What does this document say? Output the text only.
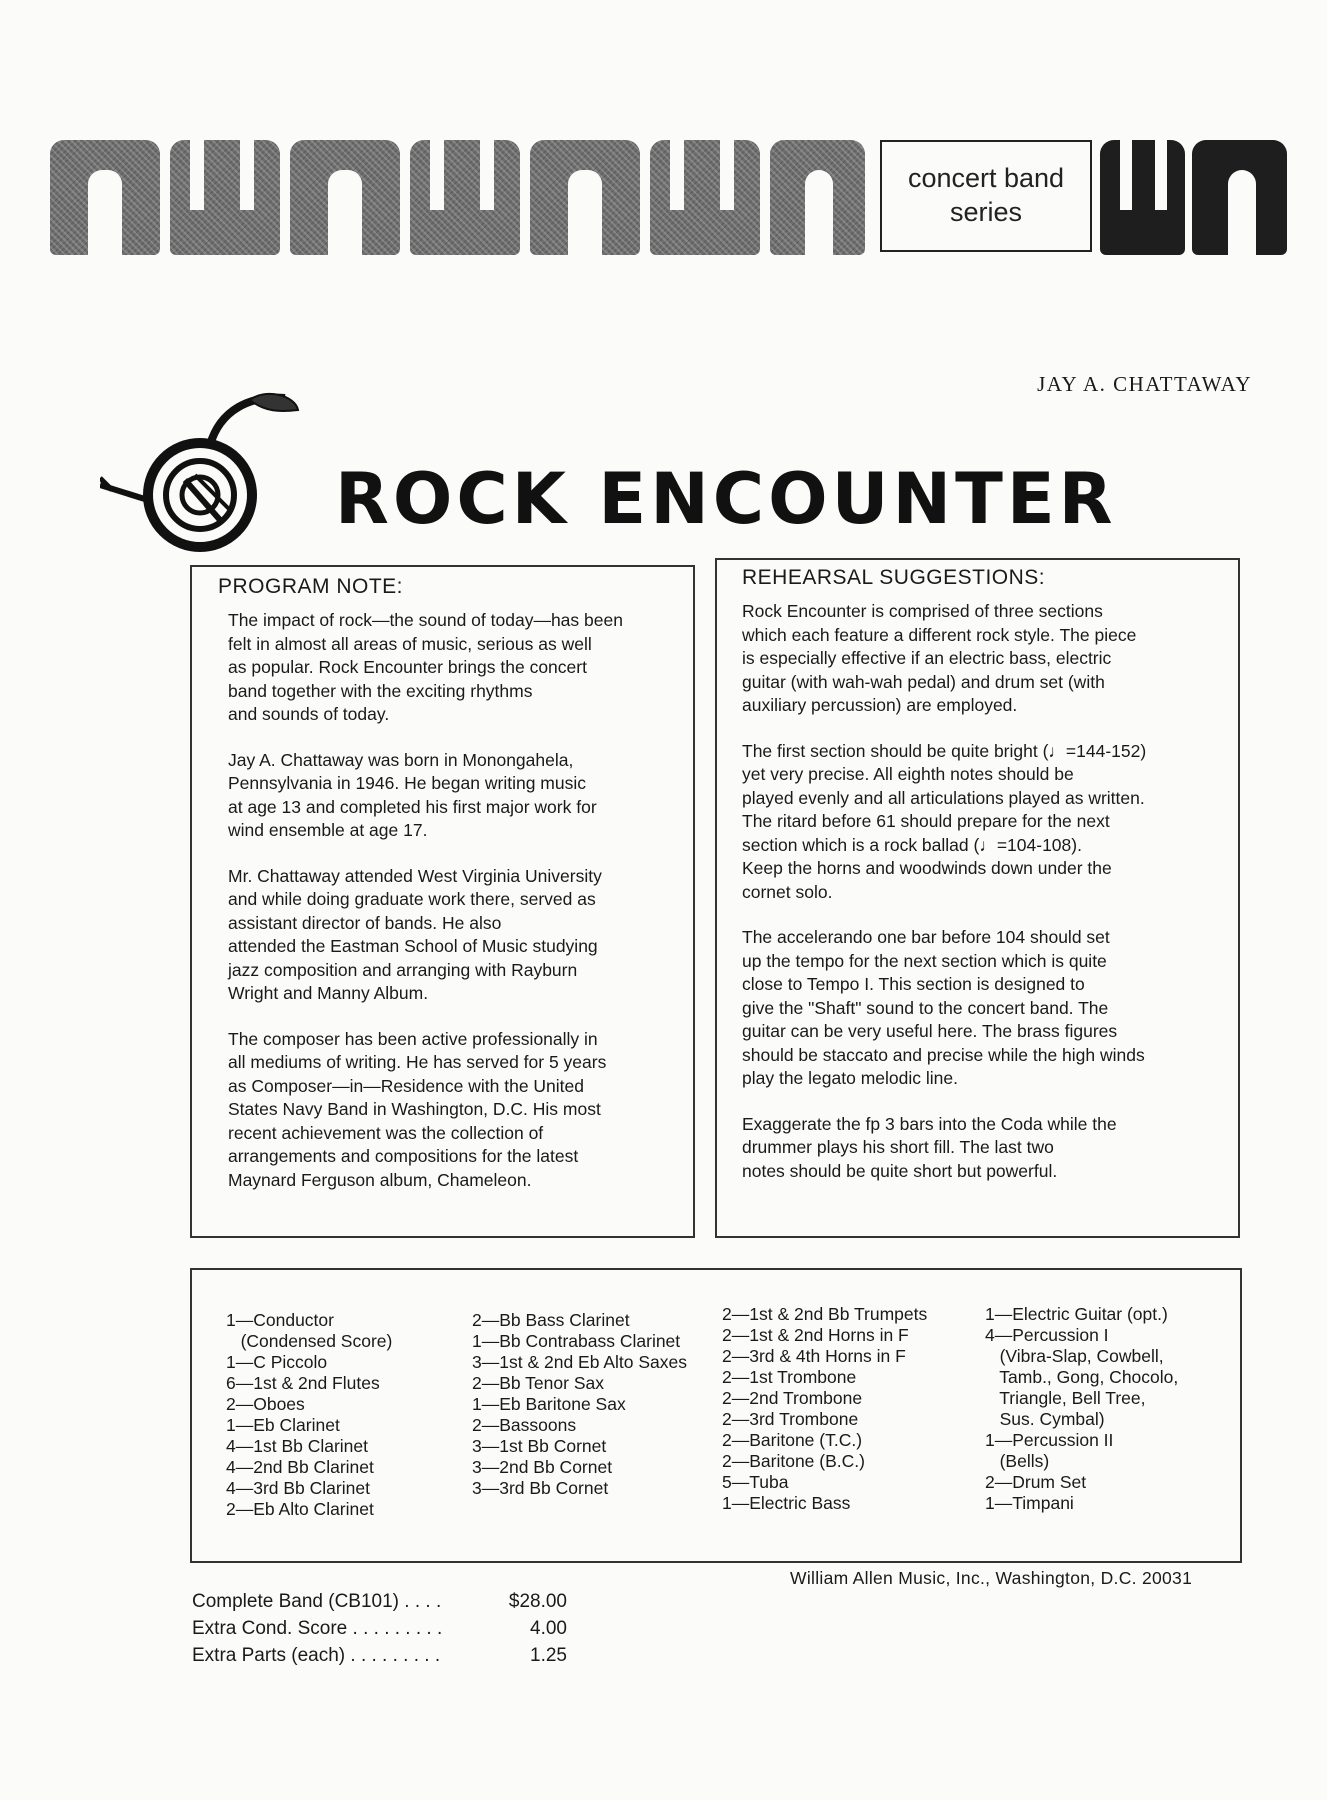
concert band
series
JAY A. CHATTAWAY
ROCK ENCOUNTER
PROGRAM NOTE:

The impact of rock—the sound of today—has been
felt in almost all areas of music, serious as well
as popular. Rock Encounter brings the concert
band together with the exciting rhythms
and sounds of today.

Jay A. Chattaway was born in Monongahela,
Pennsylvania in 1946. He began writing music
at age 13 and completed his first major work for
wind ensemble at age 17.

Mr. Chattaway attended West Virginia University
and while doing graduate work there, served as
assistant director of bands. He also
attended the Eastman School of Music studying
jazz composition and arranging with Rayburn
Wright and Manny Album.

The composer has been active professionally in
all mediums of writing. He has served for 5 years
as Composer—in—Residence with the United
States Navy Band in Washington, D.C. His most
recent achievement was the collection of
arrangements and compositions for the latest
Maynard Ferguson album, Chameleon.

REHEARSAL SUGGESTIONS:

Rock Encounter is comprised of three sections
which each feature a different rock style. The piece
is especially effective if an electric bass, electric
guitar (with wah-wah pedal) and drum set (with
auxiliary percussion) are employed.

The first section should be quite bright (♩=144-152)
yet very precise. All eighth notes should be
played evenly and all articulations played as written.
The ritard before 61 should prepare for the next
section which is a rock ballad (♩=104-108).
Keep the horns and woodwinds down under the
cornet solo.

The accelerando one bar before 104 should set
up the tempo for the next section which is quite
close to Tempo I. This section is designed to
give the "Shaft" sound to the concert band. The
guitar can be very useful here. The brass figures
should be staccato and precise while the high winds
play the legato melodic line.

Exaggerate the fp 3 bars into the Coda while the
drummer plays his short fill. The last two
notes should be quite short but powerful.

1—Conductor
(Condensed Score)
1—C Piccolo
6—1st & 2nd Flutes
2—Oboes
1—Eb Clarinet
4—1st Bb Clarinet
4—2nd Bb Clarinet
4—3rd Bb Clarinet
2—Eb Alto Clarinet
2—Bb Bass Clarinet
1—Bb Contrabass Clarinet
3—1st & 2nd Eb Alto Saxes
2—Bb Tenor Sax
1—Eb Baritone Sax
2—Bassoons
3—1st Bb Cornet
3—2nd Bb Cornet
3—3rd Bb Cornet
2—1st & 2nd Bb Trumpets
2—1st & 2nd Horns in F
2—3rd & 4th Horns in F
2—1st Trombone
2—2nd Trombone
2—3rd Trombone
2—Baritone (T.C.)
2—Baritone (B.C.)
5—Tuba
1—Electric Bass
1—Electric Guitar (opt.)
4—Percussion I
(Vibra-Slap, Cowbell,
Tamb., Gong, Chocolo,
Triangle, Bell Tree,
Sus. Cymbal)
1—Percussion II
(Bells)
2—Drum Set
1—Timpani
William Allen Music, Inc., Washington, D.C. 20031
Complete Band (CB101) . . . .	$28.00
Extra Cond. Score . . . . . . . . .	4.00
Extra Parts (each) . . . . . . . . .	1.25
